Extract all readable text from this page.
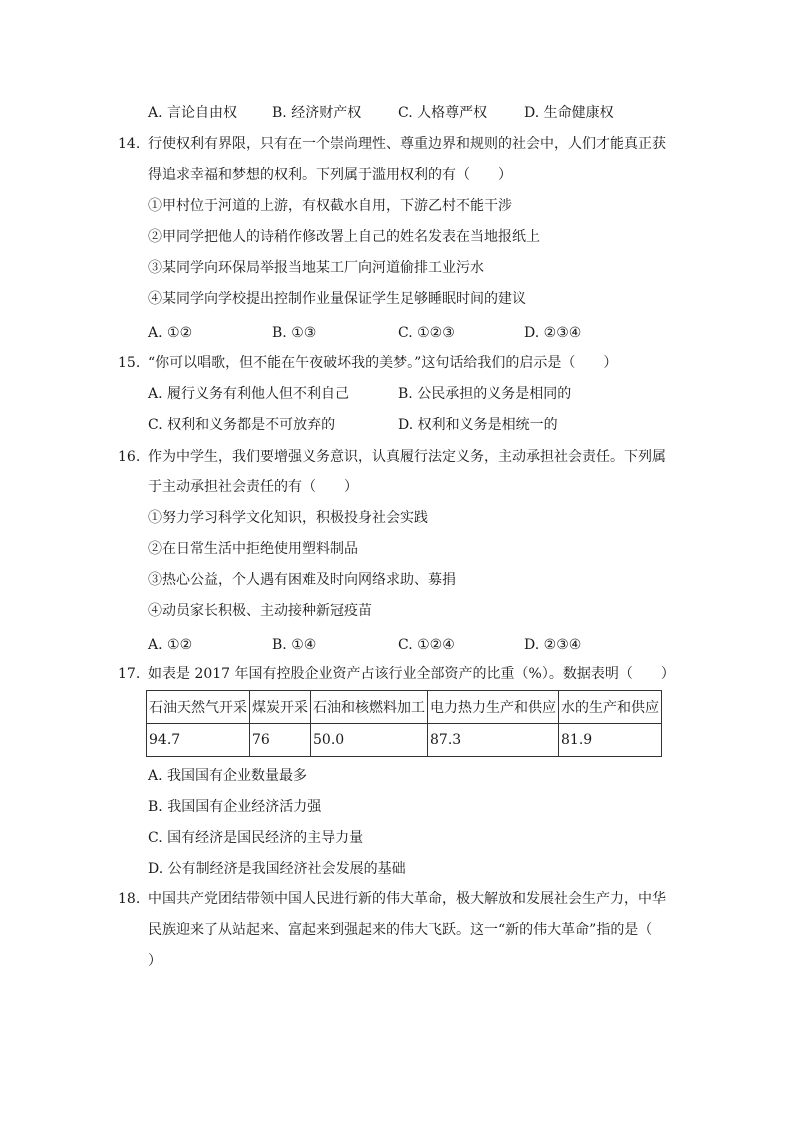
A. 言论自由权 B. 经济财产权	C. 人格尊严权	D. 生命健康权
14. 行使权利有界限，只有在一个崇尚理性、尊重边界和规则的社会中，人们才能真正获
得追求幸福和梦想的权利。下列属于滥用权利的有（　　）
①甲村位于河道的上游，有权截水自用，下游乙村不能干涉
②甲同学把他人的诗稍作修改署上自己的姓名发表在当地报纸上
③某同学向环保局举报当地某工厂向河道偷排工业污水
④某同学向学校提出控制作业量保证学生足够睡眠时间的建议
A. ①②	B. ①③	C. ①②③	D. ②③④
15. “你可以唱歌，但不能在午夜破坏我的美梦。”这句话给我们的启示是（　　）
A. 履行义务有利他人但不利自己	B. 公民承担的义务是相同的
C. 权利和义务都是不可放弃的	D. 权利和义务是相统一的
16. 作为中学生，我们要增强义务意识，认真履行法定义务，主动承担社会责任。下列属
于主动承担社会责任的有（　　）
①努力学习科学文化知识，积极投身社会实践
②在日常生活中拒绝使用塑料制品
③热心公益，个人遇有困难及时向网络求助、募捐
④动员家长积极、主动接种新冠疫苗
A. ①②	B. ①④	C. ①②④	D. ②③④
17. 如表是 2017 年国有控股企业资产占该行业全部资产的比重（%）。数据表明（　　）
石油天然气开采	煤炭开采	石油和核燃料加工	电力热力生产和供应	水的生产和供应
94.7	76	50.0	87.3	81.9
A. 我国国有企业数量最多
B. 我国国有企业经济活力强
C. 国有经济是国民经济的主导力量
D. 公有制经济是我国经济社会发展的基础
18. 中国共产党团结带领中国人民进行新的伟大革命，极大解放和发展社会生产力，中华
民族迎来了从站起来、富起来到强起来的伟大飞跃。这一“新的伟大革命”指的是（
）
